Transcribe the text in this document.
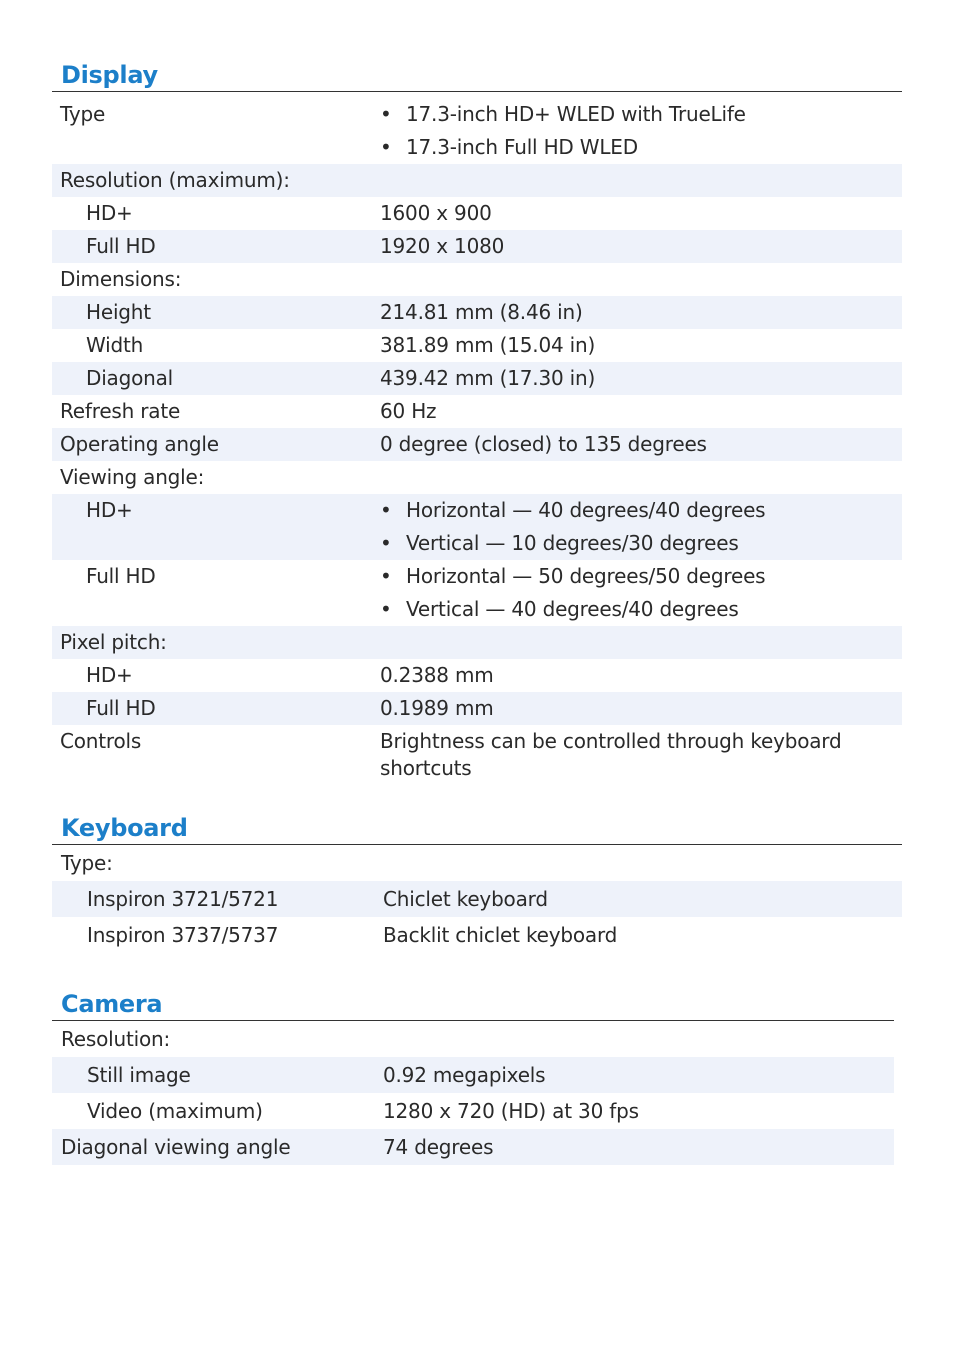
Display
Type	• 17.3-inch HD+ WLED with TrueLife
• 17.3-inch Full HD WLED
Resolution (maximum):
HD+	1600 x 900
Full HD	1920 x 1080
Dimensions:
Height	214.81 mm (8.46 in)
Width	381.89 mm (15.04 in)
Diagonal	439.42 mm (17.30 in)
Refresh rate	60 Hz
Operating angle	0 degree (closed) to 135 degrees
Viewing angle:
HD+	• Horizontal — 40 degrees/40 degrees
• Vertical — 10 degrees/30 degrees
Full HD	• Horizontal — 50 degrees/50 degrees
• Vertical — 40 degrees/40 degrees
Pixel pitch:
HD+	0.2388 mm
Full HD	0.1989 mm
Controls	Brightness can be controlled through keyboard shortcuts
Keyboard
Type:
Inspiron 3721/5721	Chiclet keyboard
Inspiron 3737/5737	Backlit chiclet keyboard
Camera
Resolution:
Still image	0.92 megapixels
Video (maximum)	1280 x 720 (HD) at 30 fps
Diagonal viewing angle	74 degrees
